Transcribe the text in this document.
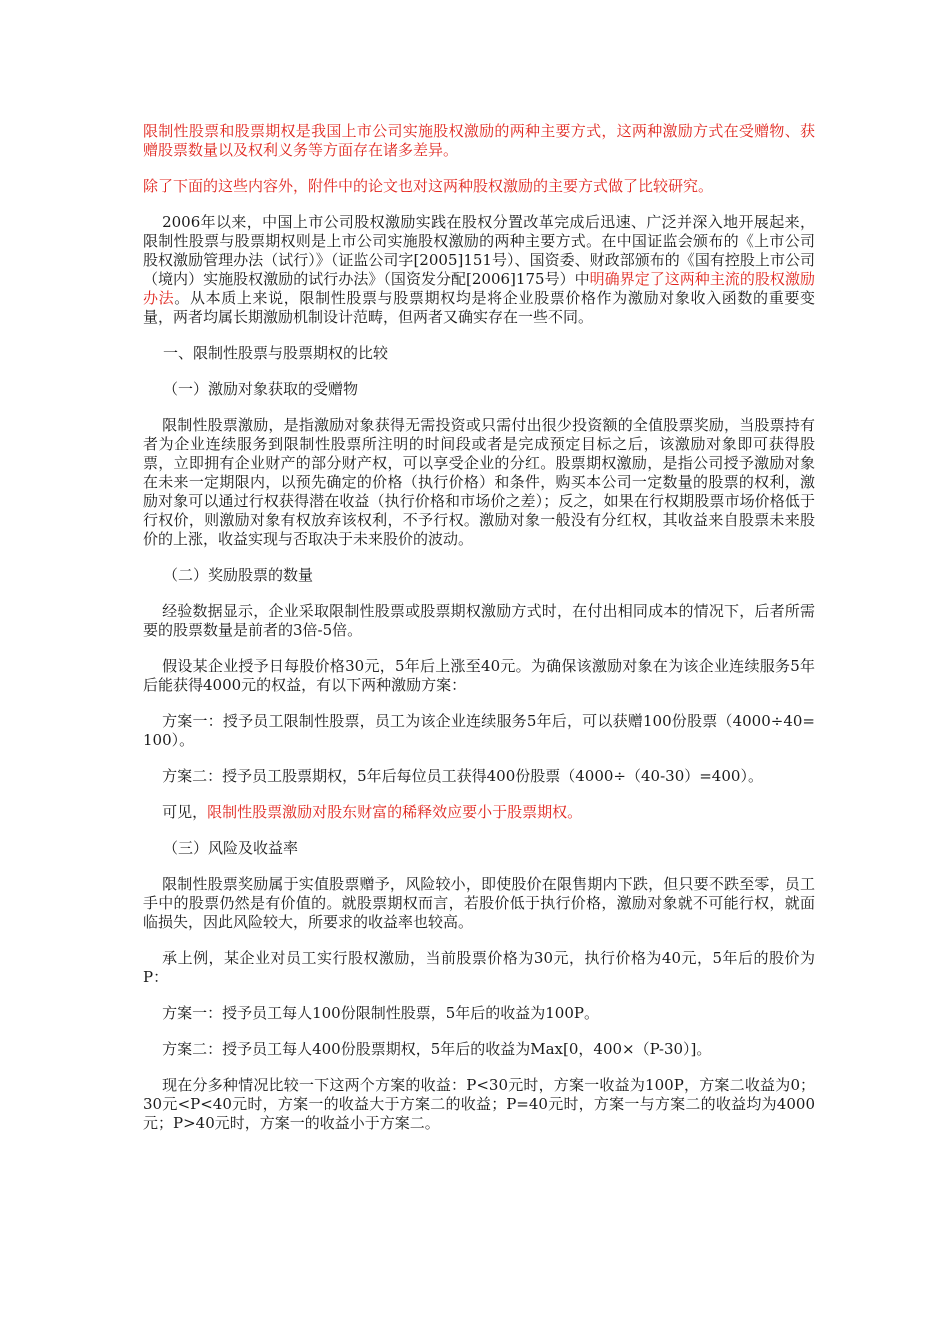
限制性股票和股票期权是我国上市公司实施股权激励的两种主要方式，这两种激励方式在受赠物、获赠股票数量以及权利义务等方面存在诸多差异。

除了下面的这些内容外，附件中的论文也对这两种股权激励的主要方式做了比较研究。

2006年以来，中国上市公司股权激励实践在股权分置改革完成后迅速、广泛并深入地开展起来，限制性股票与股票期权则是上市公司实施股权激励的两种主要方式。在中国证监会颁布的《上市公司股权激励管理办法（试行）》（证监公司字[2005]151号）、国资委、财政部颁布的《国有控股上市公司（境内）实施股权激励的试行办法》（国资发分配[2006]175号）中明确界定了这两种主流的股权激励办法。从本质上来说，限制性股票与股票期权均是将企业股票价格作为激励对象收入函数的重要变量，两者均属长期激励机制设计范畴，但两者又确实存在一些不同。

一、限制性股票与股票期权的比较

（一）激励对象获取的受赠物

限制性股票激励，是指激励对象获得无需投资或只需付出很少投资额的全值股票奖励，当股票持有者为企业连续服务到限制性股票所注明的时间段或者是完成预定目标之后，该激励对象即可获得股票，立即拥有企业财产的部分财产权，可以享受企业的分红。股票期权激励，是指公司授予激励对象在未来一定期限内，以预先确定的价格（执行价格）和条件，购买本公司一定数量的股票的权利，激励对象可以通过行权获得潜在收益（执行价格和市场价之差）；反之，如果在行权期股票市场价格低于行权价，则激励对象有权放弃该权利，不予行权。激励对象一般没有分红权，其收益来自股票未来股价的上涨，收益实现与否取决于未来股价的波动。

（二）奖励股票的数量

经验数据显示，企业采取限制性股票或股票期权激励方式时，在付出相同成本的情况下，后者所需要的股票数量是前者的3倍-5倍。

假设某企业授予日每股价格30元，5年后上涨至40元。为确保该激励对象在为该企业连续服务5年后能获得4000元的权益，有以下两种激励方案：

方案一：授予员工限制性股票，员工为该企业连续服务5年后，可以获赠100份股票（4000÷40=100）。

方案二：授予员工股票期权，5年后每位员工获得400份股票（4000÷（40-30）=400）。

可见，限制性股票激励对股东财富的稀释效应要小于股票期权。

（三）风险及收益率

限制性股票奖励属于实值股票赠予，风险较小，即使股价在限售期内下跌，但只要不跌至零，员工手中的股票仍然是有价值的。就股票期权而言，若股价低于执行价格，激励对象就不可能行权，就面临损失，因此风险较大，所要求的收益率也较高。

承上例，某企业对员工实行股权激励，当前股票价格为30元，执行价格为40元，5年后的股价为P：

方案一：授予员工每人100份限制性股票，5年后的收益为100P。

方案二：授予员工每人400份股票期权，5年后的收益为Max[0，400×（P-30）]。

现在分多种情况比较一下这两个方案的收益：P<30元时，方案一收益为100P，方案二收益为0；30元<P<40元时，方案一的收益大于方案二的收益；P=40元时，方案一与方案二的收益均为4000元；P>40元时，方案一的收益小于方案二。
